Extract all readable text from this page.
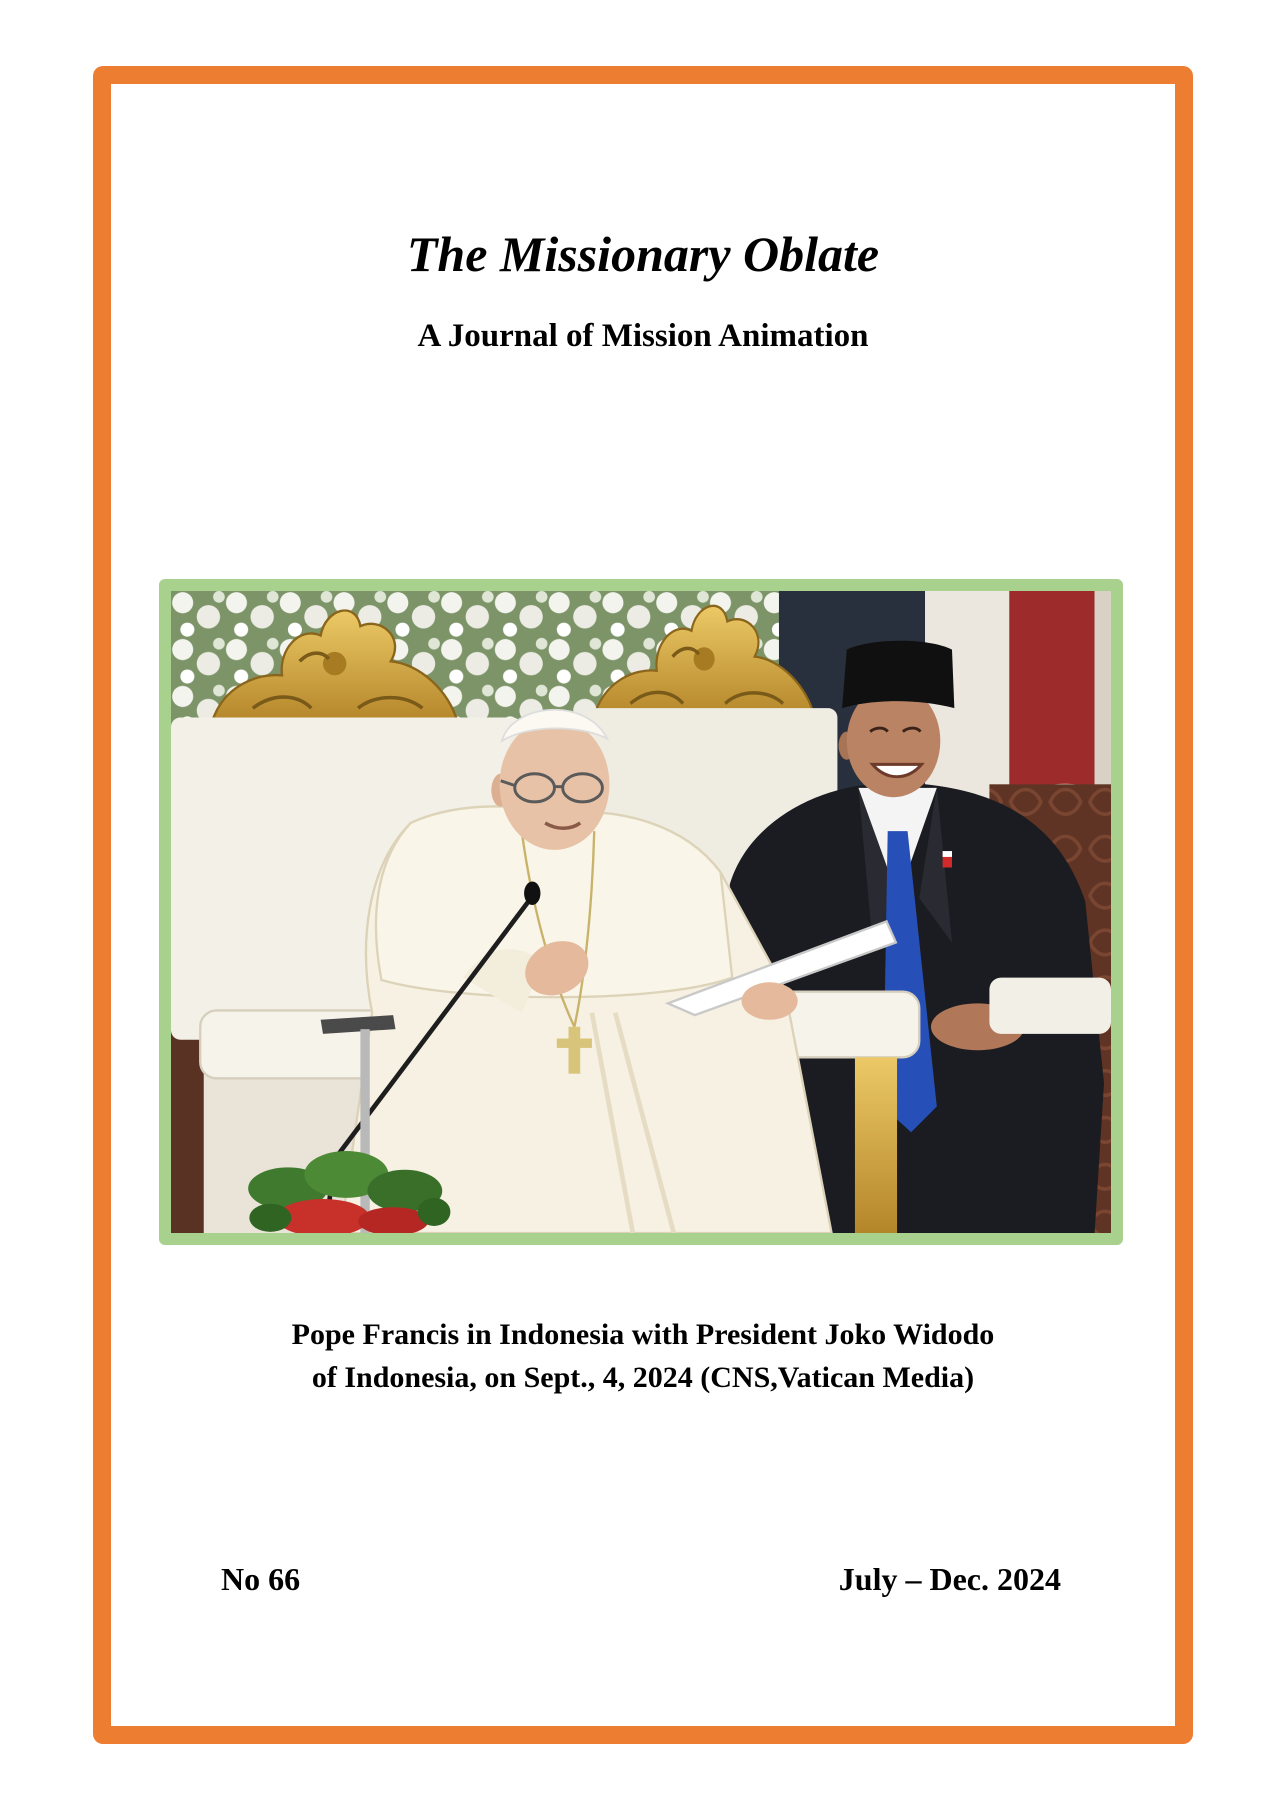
The Missionary Oblate
A Journal of Mission Animation
Pope Francis in Indonesia with President Joko Widodo
of Indonesia, on Sept., 4, 2024 (CNS,Vatican Media)
No 66	July – Dec. 2024
